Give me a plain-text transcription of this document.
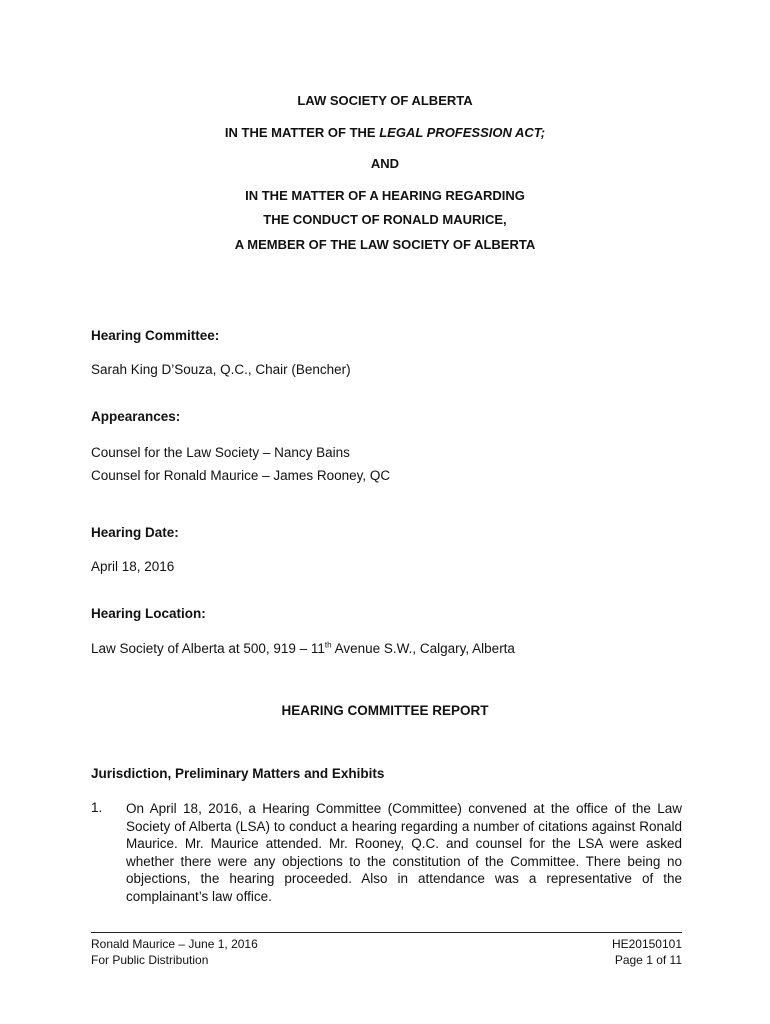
LAW SOCIETY OF ALBERTA
IN THE MATTER OF THE LEGAL PROFESSION ACT;
AND
IN THE MATTER OF A HEARING REGARDING
THE CONDUCT OF RONALD MAURICE,
A MEMBER OF THE LAW SOCIETY OF ALBERTA
Hearing Committee:
Sarah King D’Souza, Q.C., Chair (Bencher)
Appearances:
Counsel for the Law Society – Nancy Bains
Counsel for Ronald Maurice – James Rooney, QC
Hearing Date:
April 18, 2016
Hearing Location:
Law Society of Alberta at 500, 919 – 11th Avenue S.W., Calgary, Alberta
HEARING COMMITTEE REPORT
Jurisdiction, Preliminary Matters and Exhibits
1. On April 18, 2016, a Hearing Committee (Committee) convened at the office of the Law Society of Alberta (LSA) to conduct a hearing regarding a number of citations against Ronald Maurice. Mr. Maurice attended. Mr. Rooney, Q.C. and counsel for the LSA were asked whether there were any objections to the constitution of the Committee. There being no objections, the hearing proceeded. Also in attendance was a representative of the complainant’s law office.
Ronald Maurice – June 1, 2016
For Public Distribution
HE20150101
Page 1 of 11
